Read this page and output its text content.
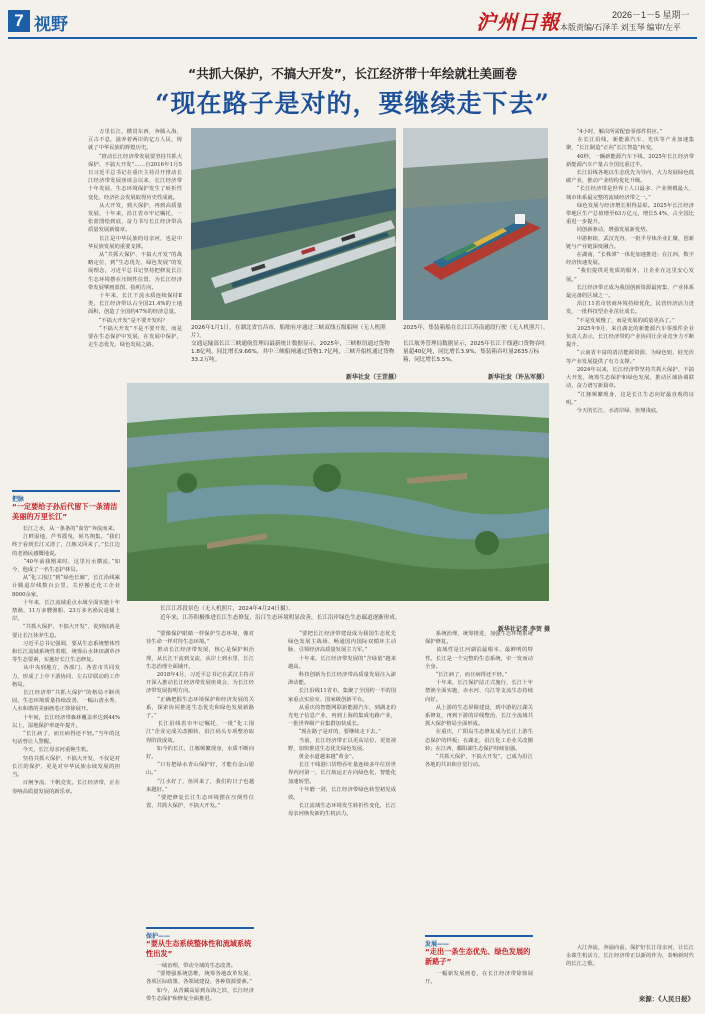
7 视野	沪州日報	2026－1－5 星期一
本版责编/石泽羊 刘玉琴 编审/左平
“共抓大保护，不搞大开发”，长江经济带十年绘就壮美画卷
“现在路子是对的，要继续走下去”
　　万里长江，横贯东西，奔腾入海，亘古不息，滋养着两岸的亿万人民，铸就了中华民族的辉煌历史。
　　“推动长江经济带发展要坚持共抓大保护、不搞大开发”……自2016年1月5日习近平总书记在重庆主持召开推动长江经济带发展座谈会以来，长江经济带十年发展，生态环境保护发生了转折性变化，经济社会发展取得历史性成就。
　　从大开发，到大保护，再到高质量发展，十年来，沿江省市牢记嘱托，一张蓝图绘到底，奋力书写长江经济带高质量发展新篇章。
　　长江是中华民族的母亲河，也是中华民族发展的重要支撑。
　　从“共抓大保护、不搞大开发”的战略定位，到“生态优先、绿色发展”的发展理念，习近平总书记坚持把修复长江生态环境摆在压倒性位置，为长江经济带发展擘画蓝图、指明方向。
　　十年来，长江干流水质连续保持Ⅱ类，长江经济带以占全国21.4%的土地面积，创造了全国约47%的经济总量。
　　“不搞大开发”是不要开发吗？
　　“不搞大开发”不是不要开发，而是要在生态保护中发展，在发展中保护，走生态优先、绿色发展之路。
2026年1月1日，在湖北省宜昌市，船舶有序通过三峡双线五级船闸（无人机照片）。
交通运输部长江三峡通航管理局最新统计数据显示，2025年，三峡枢纽通过货物1.8亿吨，同比增长9.66%，其中三峡船闸通过货物1.7亿吨，三峡升船机通过货物33.2万吨。
新华社发（王罡摄）
2025年，集装箱船在长江江苏南通段行驶（无人机照片）。
长江航务管理局数据显示，2025年长江干线港口货物吞吐量超40亿吨，同比增长3.9%，集装箱吞吐量2635万标箱，同比增长5.5%。
新华社发（许丛军摄）
长江江苏段景色（无人机照片，2024年4月24日摄）。
近年来，江苏积极推进长江生态修复，沿江生态环境明显改善，长江沿岸绿色生态廊道逐渐形成。
新华社记者 李贺 摄
把脉
“一定要给子孙后代留下一条清洁美丽的万里长江”
　　长江之水，从一条条的“血管”奔流而来。
　　江畔湿地，芦苇摇曳，候鸟翔集。“我们终于看到长江又清了，江豚又回来了。”长江边的老渔民感慨地说。
　　“40年前我刚来时，这里污水横流。”如今，他成了一名生态护林员。
　　从“化工围江”到“绿色长廊”，长江沿线累计腾退岸线数百公里，关停搬迁化工企业8000余家。
　　十年来，长江流域重点水域全面实施十年禁渔，11万多艘渔船、23万多名渔民退捕上岸。
　　“共抓大保护、不搞大开发”，说到底就是要让长江休养生息。
　　习近平总书记强调，要从生态系统整体性和长江流域系统性着眼，统筹山水林田湖草沙等生态要素，实施好长江生态修复。
　　从中央到地方，各部门、各省市共同发力，形成了上中下游协同、左右岸联动的工作格局。
　　长江经济带“共抓大保护”的格局不断巩固，生态环境质量持续改善，一幅山清水秀、人水和谐的美丽画卷正徐徐展开。
　　十年间，长江经济带森林覆盖率达到44%以上，湿地保护率逐年提升。
　　“长江病了，而且病得还不轻。”当年的这句话曾让人警醒。
　　今天，长江母亲河重焕生机。
　　坚持共抓大保护，不搞大开发，不仅是对长江的保护，更是对中华民族永续发展的担当。
　　百舸争流、千帆竞发。长江经济带，正在奏响高质量发展的新乐章。
　　“要像保护眼睛一样保护生态环境，像对待生命一样对待生态环境。”
　　推动长江经济带发展，核心是保护和治理，从长江干流到支流，从岸上到水里，长江生态治理全面铺开。
　　2018年4月，习近平总书记在武汉主持召开深入推动长江经济带发展座谈会，为长江经济带发展指明方向。
　　“正确把握生态环境保护和经济发展的关系，探索协同推进生态优先和绿色发展新路子。”
　　长江沿线省市牢记嘱托，一批“化工围江”企业完成关改搬转，沿江码头专项整治取得阶段成效。
　　如今的长江，江豚频繁现身，水质不断向好。
　　“只有把绿水青山保护好，才能有金山银山。”
　　“江水好了，鱼回来了，我们的日子也越来越好。”
　　“要把修复长江生态环境摆在压倒性位置，共抓大保护、不搞大开发。”
保护——
“要从生态系统整体性和流域系统性出发”
　　一域治理，带动全域的生态改善。
　　“要增强系统思维，统筹各地改革发展、各项区际政策、各领域建设、各种资源要素。”
　　如今，从青藏高原到东海之滨，长江经济带生态保护和修复全面推进。
　　“要把长江经济带建设成为我国生态优先绿色发展主战场、畅通国内国际双循环主动脉、引领经济高质量发展主力军。”
　　十年来，长江经济带发展的“含绿量”越来越高。
　　科技创新为长江经济带高质量发展注入澎湃动能。
　　长江沿线11省市，集聚了全国约一半的国家重点实验室、国家级创新平台。
　　从重庆的智能网联新能源汽车，到湖北的光电子信息产业，再到上海的集成电路产业，一批世界级产业集群加快成长。
　　“现在路子是对的，要继续走下去。”
　　当前，长江经济带正以更高站位、更宽视野，加快推进生态优先绿色发展。
　　黄金水道越来越“黄金”。
　　长江干线港口货物吞吐量连续多年位居世界内河第一，长江航运正在向绿色化、智能化加速转型。
　　十年磨一剑，长江经济带绿色转型初见成效。
　　长江流域生态环境发生转折性变化，长江母亲河焕发新的生机活力。
　　系统治理，统筹推进，加强生态环境系统保护修复。
　　流域性是江河湖泊最根本、最鲜明的特性。长江是一个完整的生态系统，牵一发而动全身。
　　“长江病了，而且病得还不轻。”
　　十年来，长江保护法正式施行，长江十年禁渔全面实施，赤水河、乌江等支流生态持续向好。
　　从上游的生态屏障建设，到中游的江湖关系修复，再到下游的岸线整治，长江全流域共抓大保护格局全面形成。
　　在重庆，广阳岛生态修复成为长江上游生态保护的样板；在湖北，沿江化工企业关改搬转；在江西，鄱阳湖生态保护持续加强。
　　“共抓大保护，不搞大开发”，已成为沿江各地的共识和自觉行动。
发展——
“走出一条生态优先、绿色发展的新路子”
　　一幅新发展画卷，在长江经济带徐徐展开。
　　“4小时，解决所需配套零部件供应。”
　　在长江沿线，新能源汽车、光伏等产业加速集聚，“长江制造”正向“长江智造”转变。
　　40秒，一辆新能源汽车下线。2025年长江经济带新能源汽车产量占全国比重过半。
　　长江沿线各地以生态优先为导向，大力发展绿色低碳产业，推动产业结构优化升级。
　　“长江经济带是世界上人口最多、产业规模最大、城市体系最完整的流域经济带之一。”
　　绿色发展与经济增长相得益彰。2025年长江经济带地区生产总值增至63万亿元，增长5.4%，占全国比重进一步提升。
　　同创新驱动，增强发展新优势。
　　中游枢纽，武汉光谷，一批半导体企业汇聚，创新链与产业链深度融合。
　　在湖南，“长株潭”一体化加速推进；在江西，数字经济快速发展。
　　“我们提供更优质的服务，让企业在这里安心发展。”
　　长江经济带正成为我国创新资源最密集、产业体系最完备的区域之一。
　　沿江11省市营商环境持续优化，民营经济活力迸发，一批科技型企业茁壮成长。
　　“不是发展慢了，而是发展的质量更高了。”
　　2025年9月，来自湖北的新能源汽车零部件企业负责人表示，长江经济带的产业协同让企业竞争力不断提升。
　　“云南省丰富的清洁能源资源，为绿色铝、硅光伏等产业发展提供了有力支撑。”
　　2024年以来，长江经济带坚持共抓大保护、不搞大开发，统筹生态保护和绿色发展，推动区域协调联动，奋力谱写新篇章。
　　“江豚频繁现身，这是长江生态向好最直观的证明。”
　　今天的长江，水清岸绿、鱼翔浅底。
　　大江奔流，奔涌向前。保护好长江母亲河，让长江永葆生机活力，长江经济带正以新的作为，奏响新时代的长江之歌。
来源：《人民日报》
